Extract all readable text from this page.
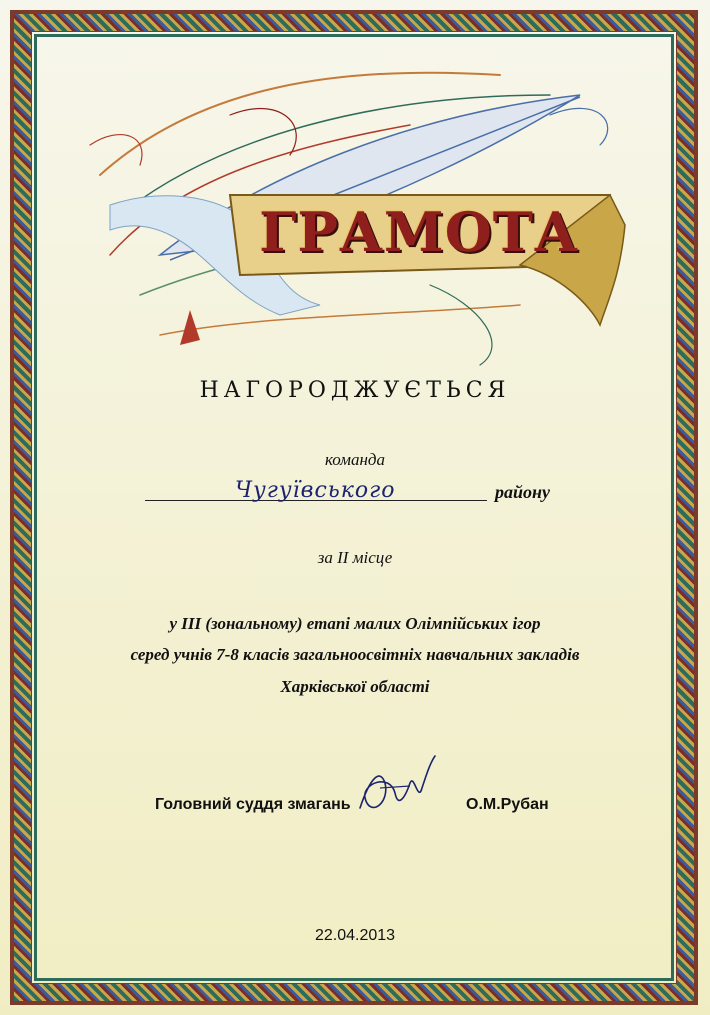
ГРАМОТА
НАГОРОДЖУЄТЬСЯ
команда
Чугуївського	району
за ІІ місце
у ІІІ (зональному) етапі малих Олімпійських ігор
серед учнів 7-8 класів загальноосвітніх навчальних закладів
Харківської області
Головний суддя змагань	О.М.Рубан
22.04.2013
